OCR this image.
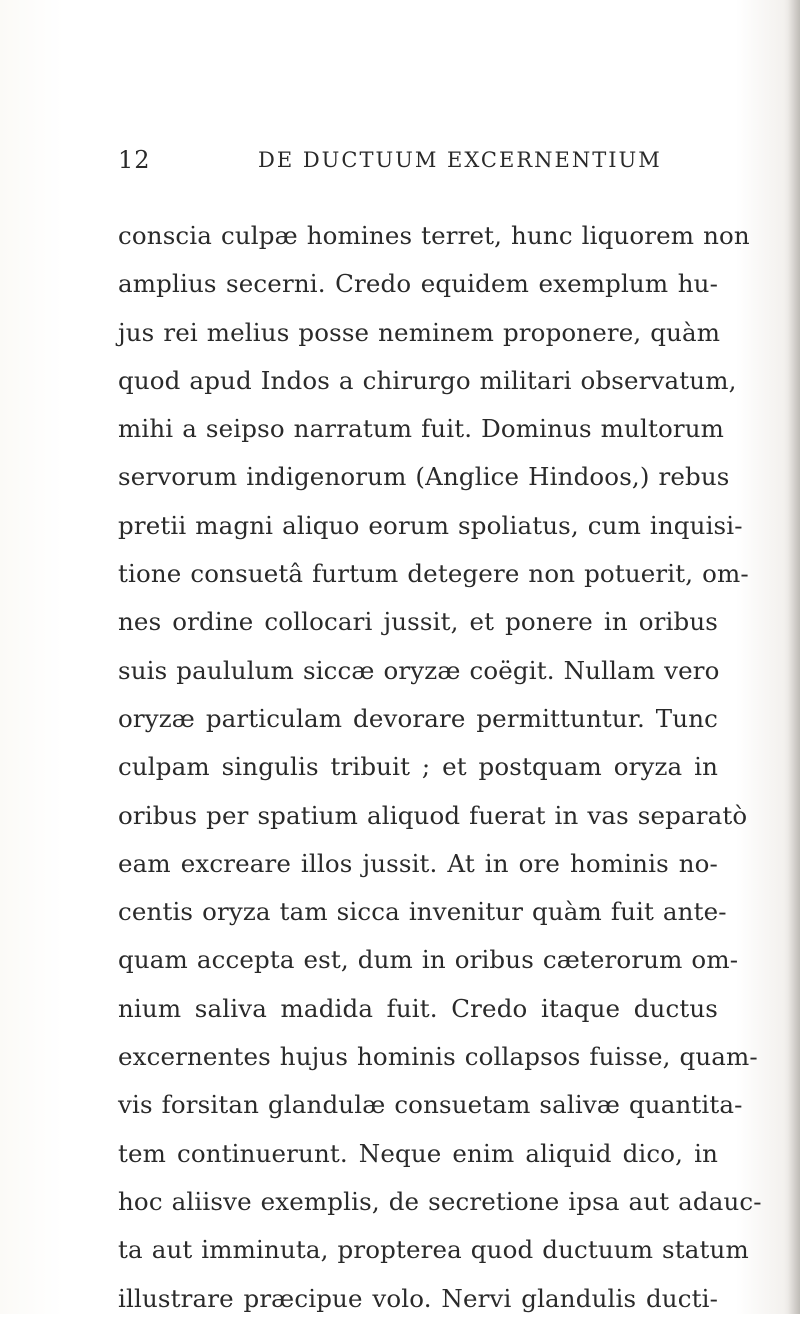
12	DE DUCTUUM EXCERNENTIUM
conscia culpæ homines terret, hunc liquorem non
amplius secerni. Credo equidem exemplum hu-
jus rei melius posse neminem proponere, quàm
quod apud Indos a chirurgo militari observatum,
mihi a seipso narratum fuit. Dominus multorum
servorum indigenorum (Anglice Hindoos,) rebus
pretii magni aliquo eorum spoliatus, cum inquisi-
tione consuetâ furtum detegere non potuerit, om-
nes ordine collocari jussit, et ponere in oribus
suis paululum siccæ oryzæ coëgit. Nullam vero
oryzæ particulam devorare permittuntur. Tunc
culpam singulis tribuit ; et postquam oryza in
oribus per spatium aliquod fuerat in vas separatò
eam excreare illos jussit. At in ore hominis no-
centis oryza tam sicca invenitur quàm fuit ante-
quam accepta est, dum in oribus cæterorum om-
nium saliva madida fuit. Credo itaque ductus
excernentes hujus hominis collapsos fuisse, quam-
vis forsitan glandulæ consuetam salivæ quantita-
tem continuerunt. Neque enim aliquid dico, in
hoc aliisve exemplis, de secretione ipsa aut adauc-
ta aut imminuta, propterea quod ductuum statum
illustrare præcipue volo. Nervi glandulis ducti-
